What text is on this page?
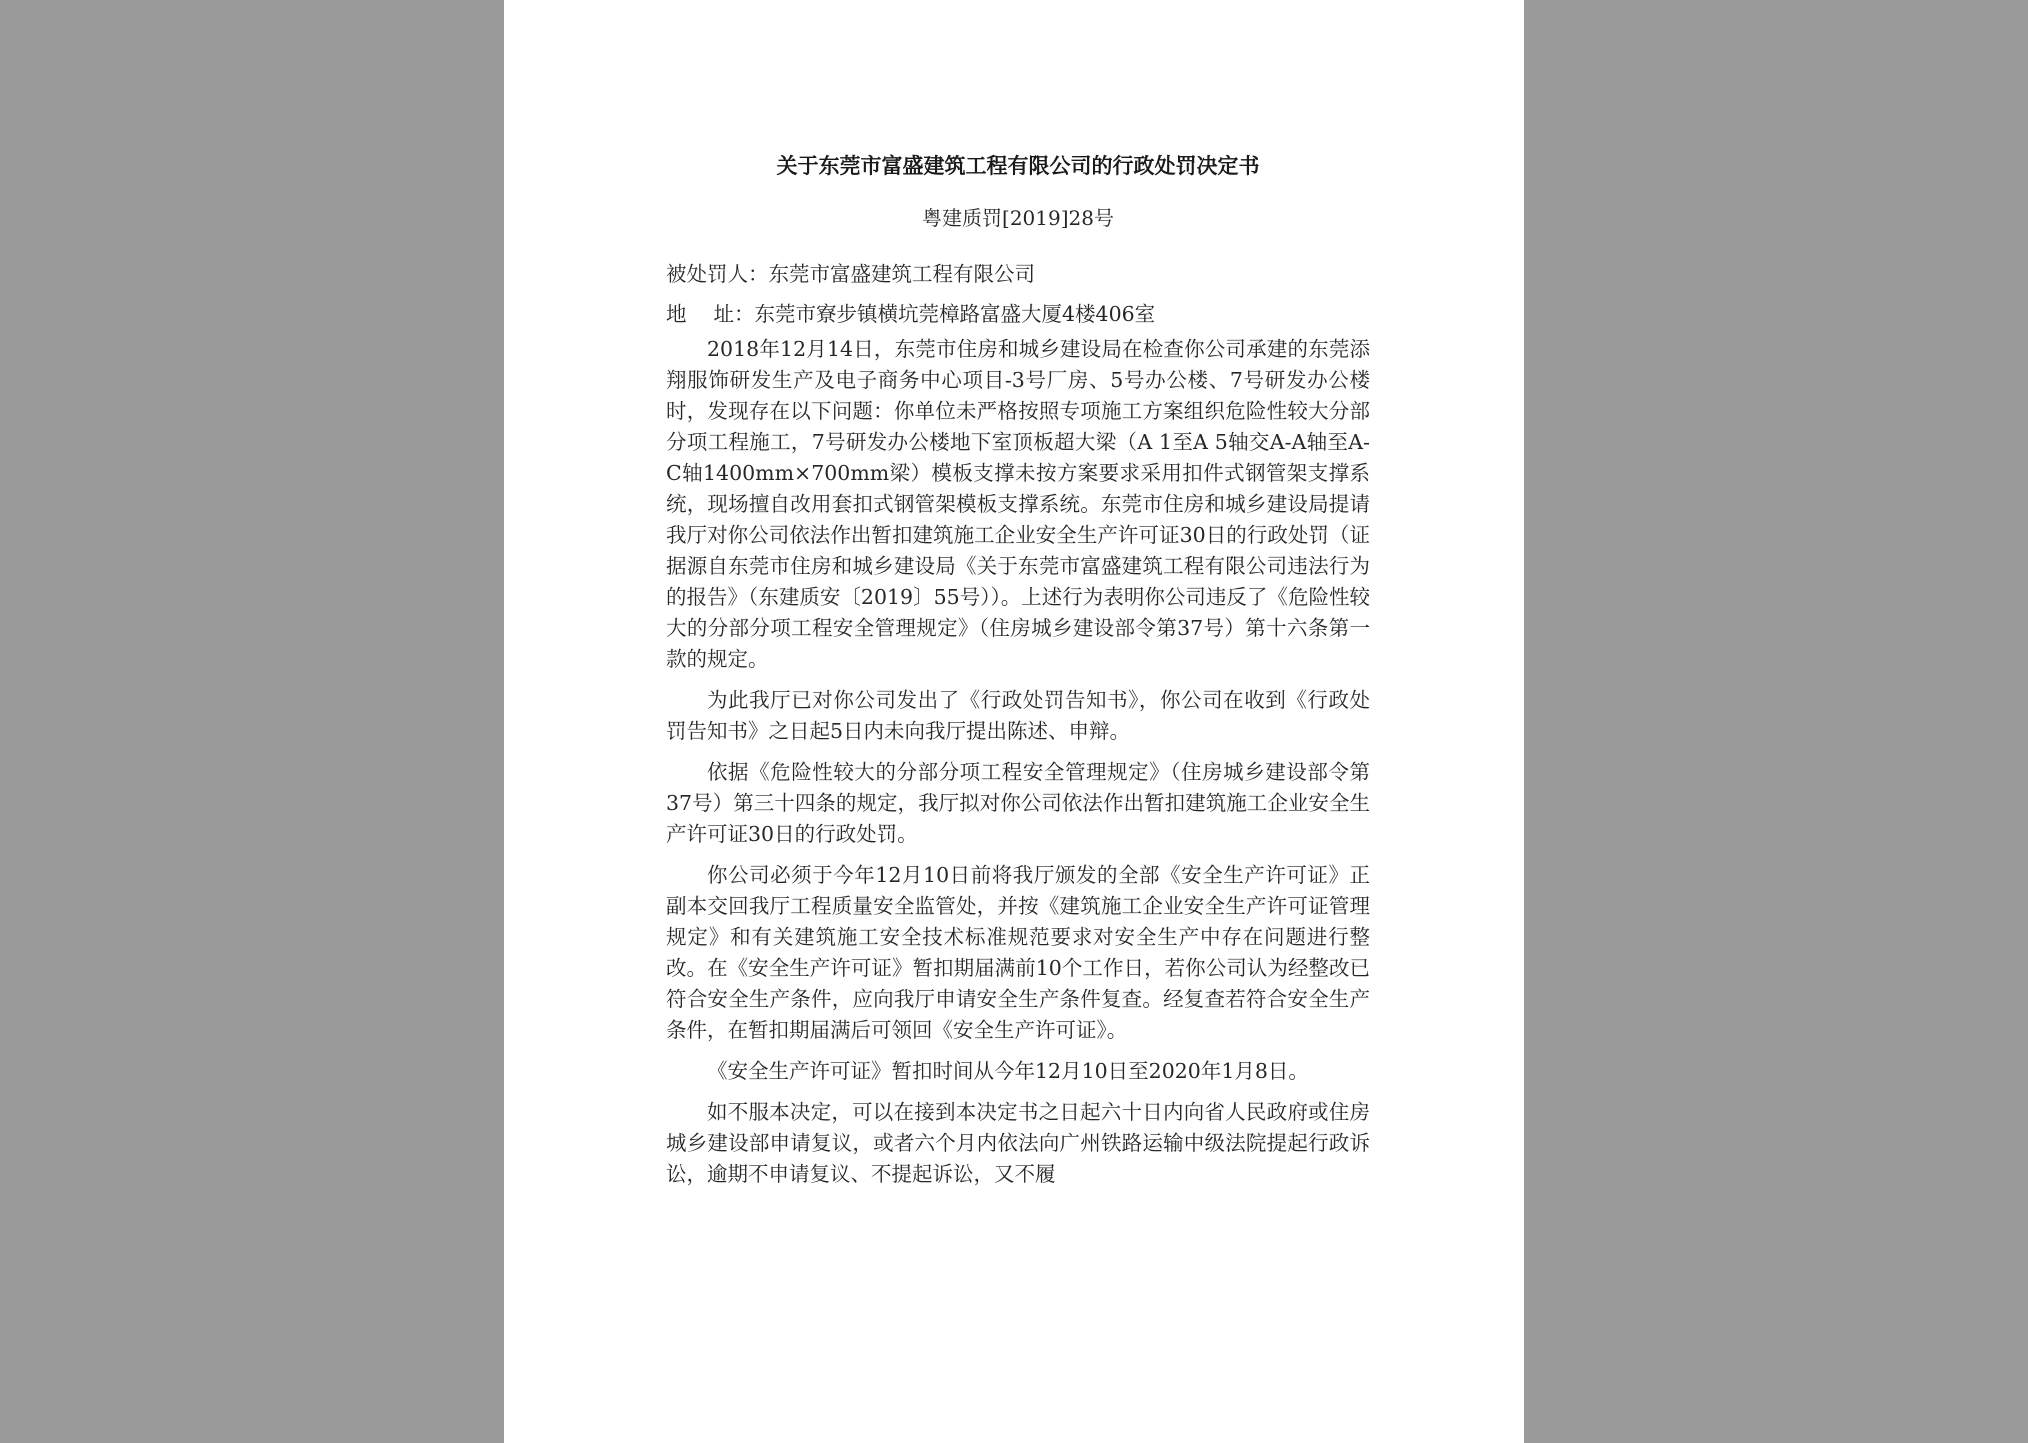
关于东莞市富盛建筑工程有限公司的行政处罚决定书
粤建质罚[2019]28号
被处罚人：东莞市富盛建筑工程有限公司
地址：东莞市寮步镇横坑莞樟路富盛大厦4楼406室

2018年12月14日，东莞市住房和城乡建设局在检查你公司承建的东莞添翔服饰研发生产及电子商务中心项目-3号厂房、5号办公楼、7号研发办公楼时，发现存在以下问题：你单位未严格按照专项施工方案组织危险性较大分部分项工程施工，7号研发办公楼地下室顶板超大梁（A 1至A 5轴交A-A轴至A-C轴1400mm×700mm梁）模板支撑未按方案要求采用扣件式钢管架支撑系统，现场擅自改用套扣式钢管架模板支撑系统。东莞市住房和城乡建设局提请我厅对你公司依法作出暂扣建筑施工企业安全生产许可证30日的行政处罚（证据源自东莞市住房和城乡建设局《关于东莞市富盛建筑工程有限公司违法行为的报告》（东建质安〔2019〕55号））。上述行为表明你公司违反了《危险性较大的分部分项工程安全管理规定》（住房城乡建设部令第37号）第十六条第一款的规定。

为此我厅已对你公司发出了《行政处罚告知书》，你公司在收到《行政处罚告知书》之日起5日内未向我厅提出陈述、申辩。

依据《危险性较大的分部分项工程安全管理规定》（住房城乡建设部令第37号）第三十四条的规定，我厅拟对你公司依法作出暂扣建筑施工企业安全生产许可证30日的行政处罚。

你公司必须于今年12月10日前将我厅颁发的全部《安全生产许可证》正副本交回我厅工程质量安全监管处，并按《建筑施工企业安全生产许可证管理规定》和有关建筑施工安全技术标准规范要求对安全生产中存在问题进行整改。在《安全生产许可证》暂扣期届满前10个工作日，若你公司认为经整改已符合安全生产条件，应向我厅申请安全生产条件复查。经复查若符合安全生产条件，在暂扣期届满后可领回《安全生产许可证》。

《安全生产许可证》暂扣时间从今年12月10日至2020年1月8日。

如不服本决定，可以在接到本决定书之日起六十日内向省人民政府或住房城乡建设部申请复议，或者六个月内依法向广州铁路运输中级法院提起行政诉讼，逾期不申请复议、不提起诉讼，又不履
